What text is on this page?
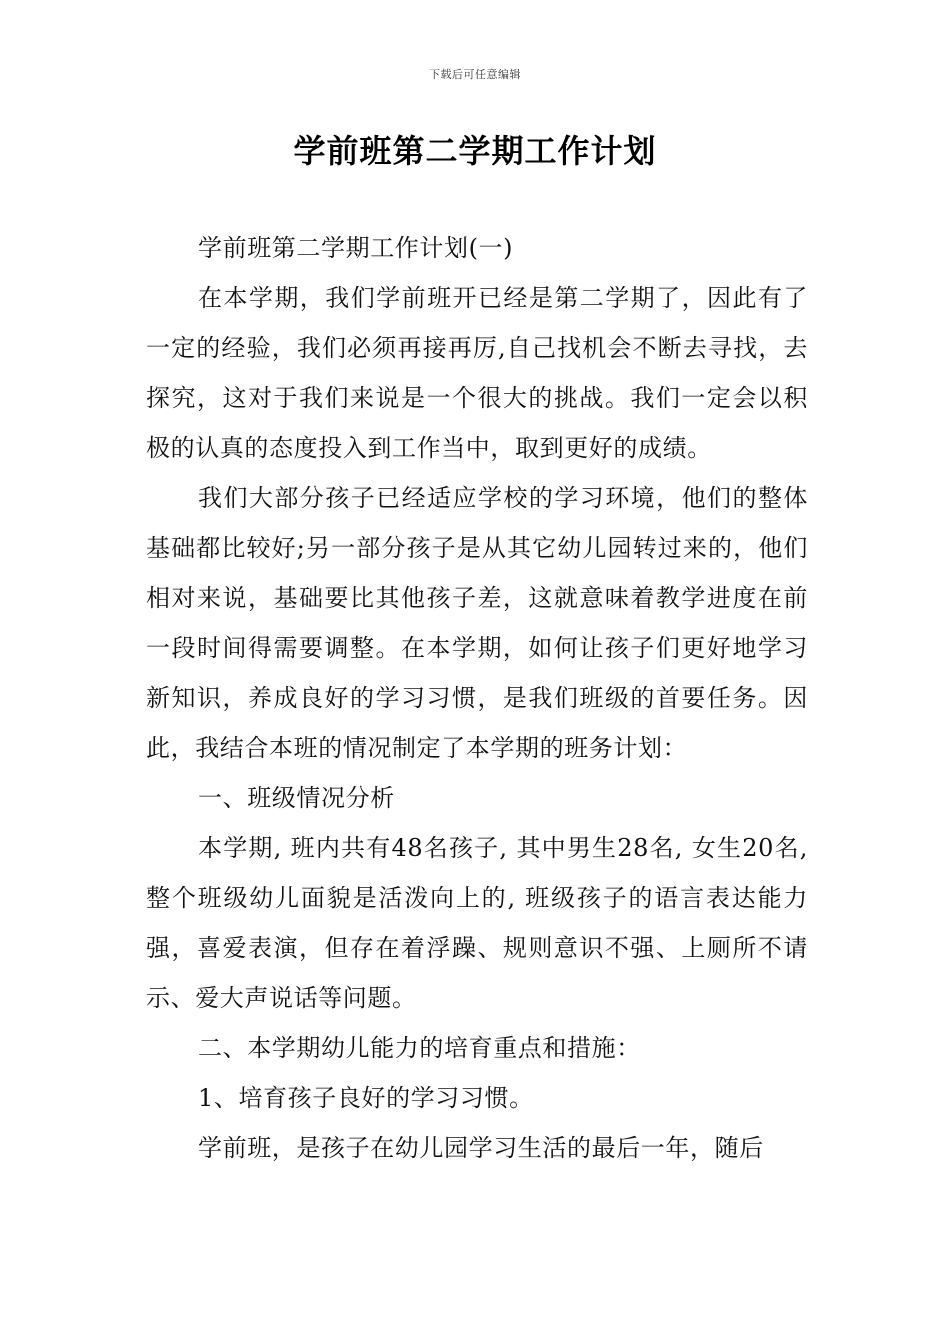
下载后可任意编辑
学前班第二学期工作计划

学前班第二学期工作计划(一)

在本学期，我们学前班开已经是第二学期了，因此有了一定的经验，我们必须再接再厉,自己找机会不断去寻找，去探究，这对于我们来说是一个很大的挑战。我们一定会以积极的认真的态度投入到工作当中，取到更好的成绩。

我们大部分孩子已经适应学校的学习环境，他们的整体基础都比较好;另一部分孩子是从其它幼儿园转过来的，他们相对来说，基础要比其他孩子差，这就意味着教学进度在前一段时间得需要调整。在本学期，如何让孩子们更好地学习新知识，养成良好的学习习惯，是我们班级的首要任务。因此，我结合本班的情况制定了本学期的班务计划：

一、班级情况分析

本学期, 班内共有48名孩子, 其中男生28名, 女生20名,整个班级幼儿面貌是活泼向上的, 班级孩子的语言表达能力强，喜爱表演，但存在着浮躁、规则意识不强、上厕所不请示、爱大声说话等问题。

二、本学期幼儿能力的培育重点和措施：

1、培育孩子良好的学习习惯。

学前班，是孩子在幼儿园学习生活的最后一年，随后
